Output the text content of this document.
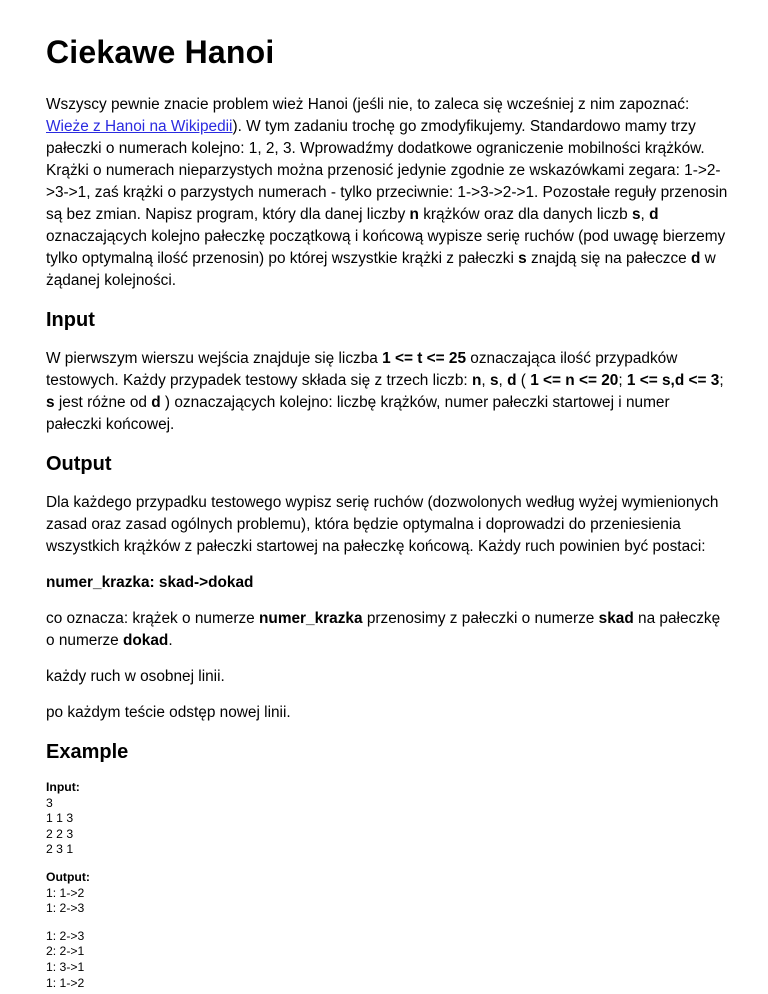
Ciekawe Hanoi

Wszyscy pewnie znacie problem wież Hanoi (jeśli nie, to zaleca się wcześniej z nim zapoznać: Wieże z Hanoi na Wikipedii). W tym zadaniu trochę go zmodyfikujemy. Standardowo mamy trzy pałeczki o numerach kolejno: 1, 2, 3. Wprowadźmy dodatkowe ograniczenie mobilności krążków. Krążki o numerach nieparzystych można przenosić jedynie zgodnie ze wskazówkami zegara: 1->2->3->1, zaś krążki o parzystych numerach - tylko przeciwnie: 1->3->2->1. Pozostałe reguły przenosin są bez zmian. Napisz program, który dla danej liczby n krążków oraz dla danych liczb s, d oznaczających kolejno pałeczkę początkową i końcową wypisze serię ruchów (pod uwagę bierzemy tylko optymalną ilość przenosin) po której wszystkie krążki z pałeczki s znajdą się na pałeczce d w żądanej kolejności.

Input

W pierwszym wierszu wejścia znajduje się liczba 1 <= t <= 25 oznaczająca ilość przypadków testowych. Każdy przypadek testowy składa się z trzech liczb: n, s, d ( 1 <= n <= 20; 1 <= s,d <= 3; s jest różne od d ) oznaczających kolejno: liczbę krążków, numer pałeczki startowej i numer pałeczki końcowej.

Output

Dla każdego przypadku testowego wypisz serię ruchów (dozwolonych według wyżej wymienionych zasad oraz zasad ogólnych problemu), która będzie optymalna i doprowadzi do przeniesienia wszystkich krążków z pałeczki startowej na pałeczkę końcową. Każdy ruch powinien być postaci:

numer_krazka: skad->dokad

co oznacza: krążek o numerze numer_krazka przenosimy z pałeczki o numerze skad na pałeczkę o numerze dokad.

każdy ruch w osobnej linii.

po każdym teście odstęp nowej linii.

Example
Input:
3
1 1 3
2 2 3
2 3 1
Output:
1: 1->2
1: 2->3
1: 2->3
2: 2->1
1: 3->1
1: 1->2
